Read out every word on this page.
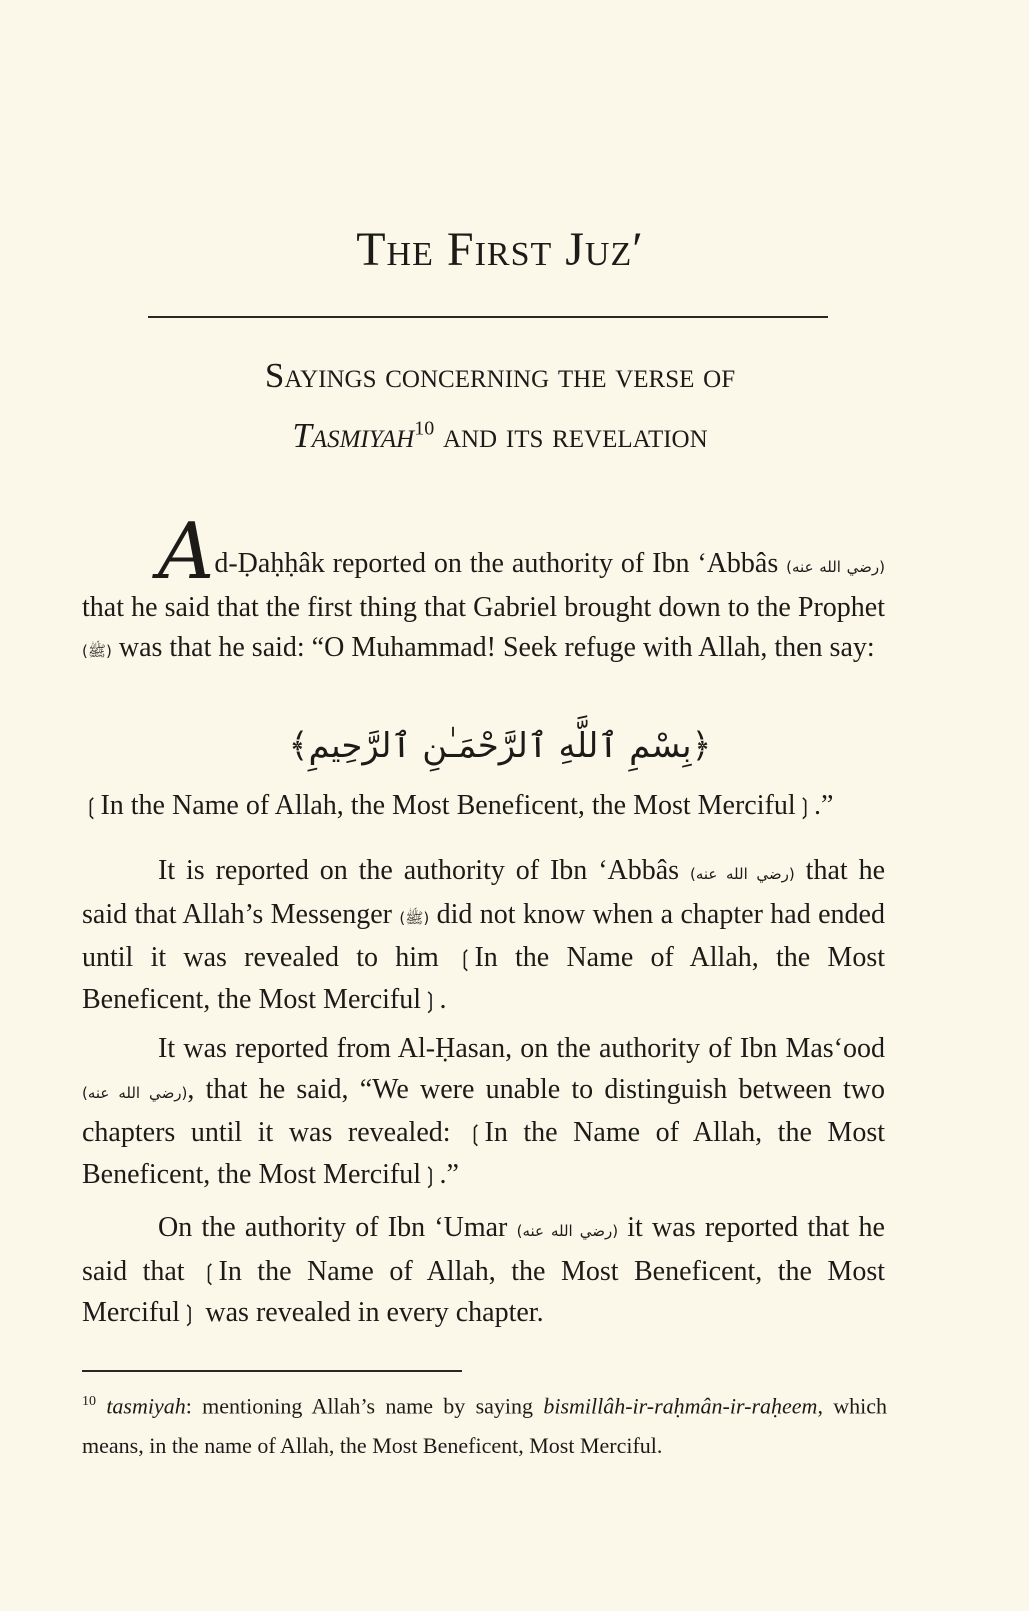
The First Juz′
Sayings concerning the verse of
Tasmiyah$^{10}$ and its revelation
Ad-Ḍaḥḥâk reported on the authority of Ibn ‘Abbâs (رضي الله عنه) that he said that the first thing that Gabriel brought down to the Prophet (ﷺ) was that he said: “O Muhammad! Seek refuge with Allah, then say:
﴿بِسْمِ ٱللَّهِ ٱلرَّحْمَـٰنِ ٱلرَّحِيمِ﴾
❲In the Name of Allah, the Most Beneficent, the Most Merciful❳.”
It is reported on the authority of Ibn ‘Abbâs (رضي الله عنه) that he said that Allah’s Messenger (ﷺ) did not know when a chapter had ended until it was revealed to him ❲In the Name of Allah, the Most Beneficent, the Most Merciful❳.
It was reported from Al-Ḥasan, on the authority of Ibn Mas‘ood (رضي الله عنه), that he said, “We were unable to distinguish between two chapters until it was revealed: ❲In the Name of Allah, the Most Beneficent, the Most Merciful❳.”
On the authority of Ibn ‘Umar (رضي الله عنه) it was reported that he said that ❲In the Name of Allah, the Most Beneficent, the Most Merciful❳ was revealed in every chapter.
$^{10}$ tasmiyah: mentioning Allah’s name by saying bismillâh-ir-raḥmân-ir-raḥeem, which means, in the name of Allah, the Most Beneficent, Most Merciful.
